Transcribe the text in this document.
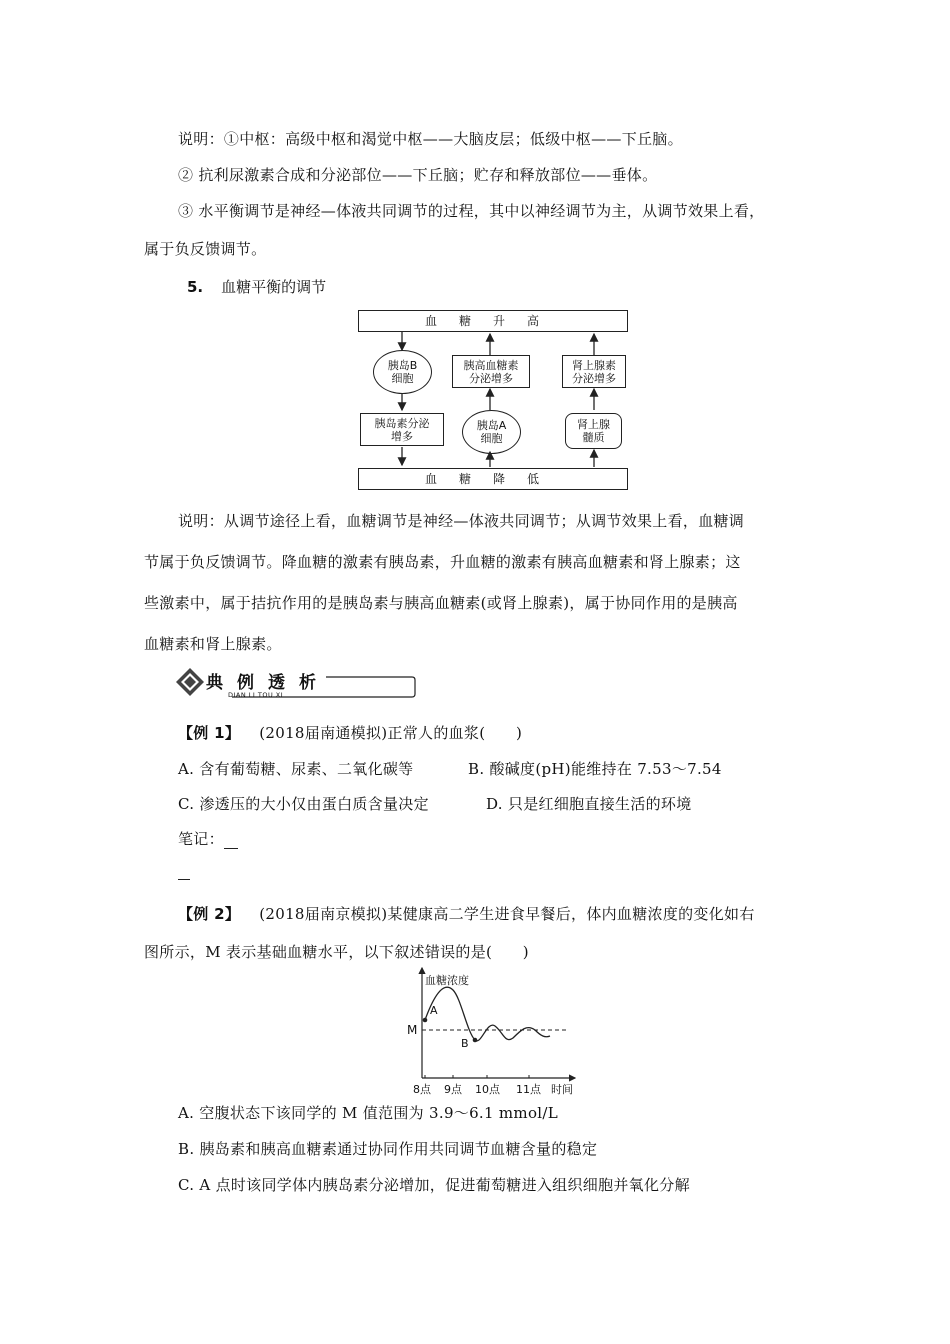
说明：①中枢：高级中枢和渴觉中枢——大脑皮层；低级中枢——下丘脑。
② 抗利尿激素合成和分泌部位——下丘脑；贮存和释放部位——垂体。
③ 水平衡调节是神经—体液共同调节的过程，其中以神经调节为主，从调节效果上看，
属于负反馈调节。
5. 血糖平衡的调节
血糖升高
血糖降低
胰岛B
细胞
胰高血糖素
分泌增多
肾上腺素
分泌增多
胰岛素分泌
增多
胰岛A
细胞
肾上腺
髓质
说明：从调节途径上看，血糖调节是神经—体液共同调节；从调节效果上看，血糖调
节属于负反馈调节。降血糖的激素有胰岛素，升血糖的激素有胰高血糖素和肾上腺素；这
些激素中，属于拮抗作用的是胰岛素与胰高血糖素(或肾上腺素)，属于协同作用的是胰高
血糖素和肾上腺素。
典例透析
DIAN LI TOU XI
【例 1】 (2018届南通模拟)正常人的血浆(　　)
A. 含有葡萄糖、尿素、二氧化碳等	B. 酸碱度(pH)能维持在 7.53～7.54
C. 渗透压的大小仅由蛋白质含量决定	D. 只是红细胞直接生活的环境
笔记：
【例 2】 (2018届南京模拟)某健康高二学生进食早餐后，体内血糖浓度的变化如右
图所示，M 表示基础血糖水平，以下叙述错误的是(　　)
血糖浓度
M
A
B
8点 9点 10点 11点 时间
A. 空腹状态下该同学的 M 值范围为 3.9～6.1 mmol/L
B. 胰岛素和胰高血糖素通过协同作用共同调节血糖含量的稳定
C. A 点时该同学体内胰岛素分泌增加，促进葡萄糖进入组织细胞并氧化分解
